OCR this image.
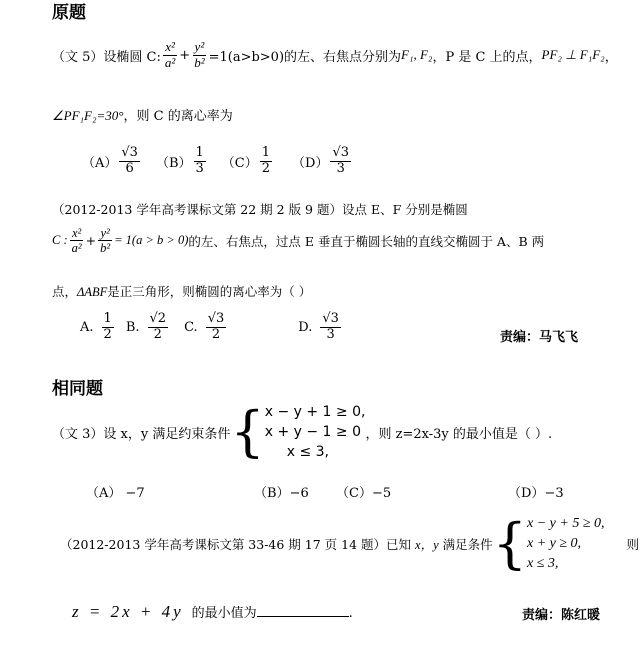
原题
（文 5）设椭圆 C: $\frac{\text{x²}}{\text{a²}} + \frac{\text{y²}}{\text{b²}} =1(a>b>0)$的左、右焦点分别为 F₁, F₂ ，P 是 C 上的点， PF₂ ⊥ F₁F₂ ，
∠PF₁F₂=30°，则 C 的离心率为
$(A) \frac{√3}{6} (B) \frac{1}{3} (C) \frac{1}{2} (D) \frac{√3}{3}$
（2012-2013 学年高考课标文第 22 期 2 版 9 题）设点 E、F 分别是椭圆
C : $\frac{\text{x²}}{\text{a²}} + \frac{\text{y²}}{\text{b²}} = 1(a > b > 0)$ 的左、右焦点，过点 E 垂直于椭圆长轴的直线交椭圆于 A、B 两
点，ΔABF是正三角形，则椭圆的离心率为（ ）
A. $\frac{1}{2} B$. $\frac{√2}{2} C$. $\frac{√3}{2}$	D. $\frac{√3}{3}$	责编：马飞飞
相同题
（文 3）设 x，y 满足约束条件 { x − y + 1 ≥ 0,
x + y − 1 ≥ 0
x ≤ 3,
，则 z=2x-3y 的最小值是（ ）.
（A） −7	（B）−6 （C）−5	（D）−3
（2012-2013 学年高考课标文第 33-46 期 17 页 14 题）已知 x，y 满足条件 { x − y + 5 ≥ 0,
x + y ≥ 0,
x ≤ 3,
则
z = 2x + 4y 的最小值为	.	责编：陈红暖
